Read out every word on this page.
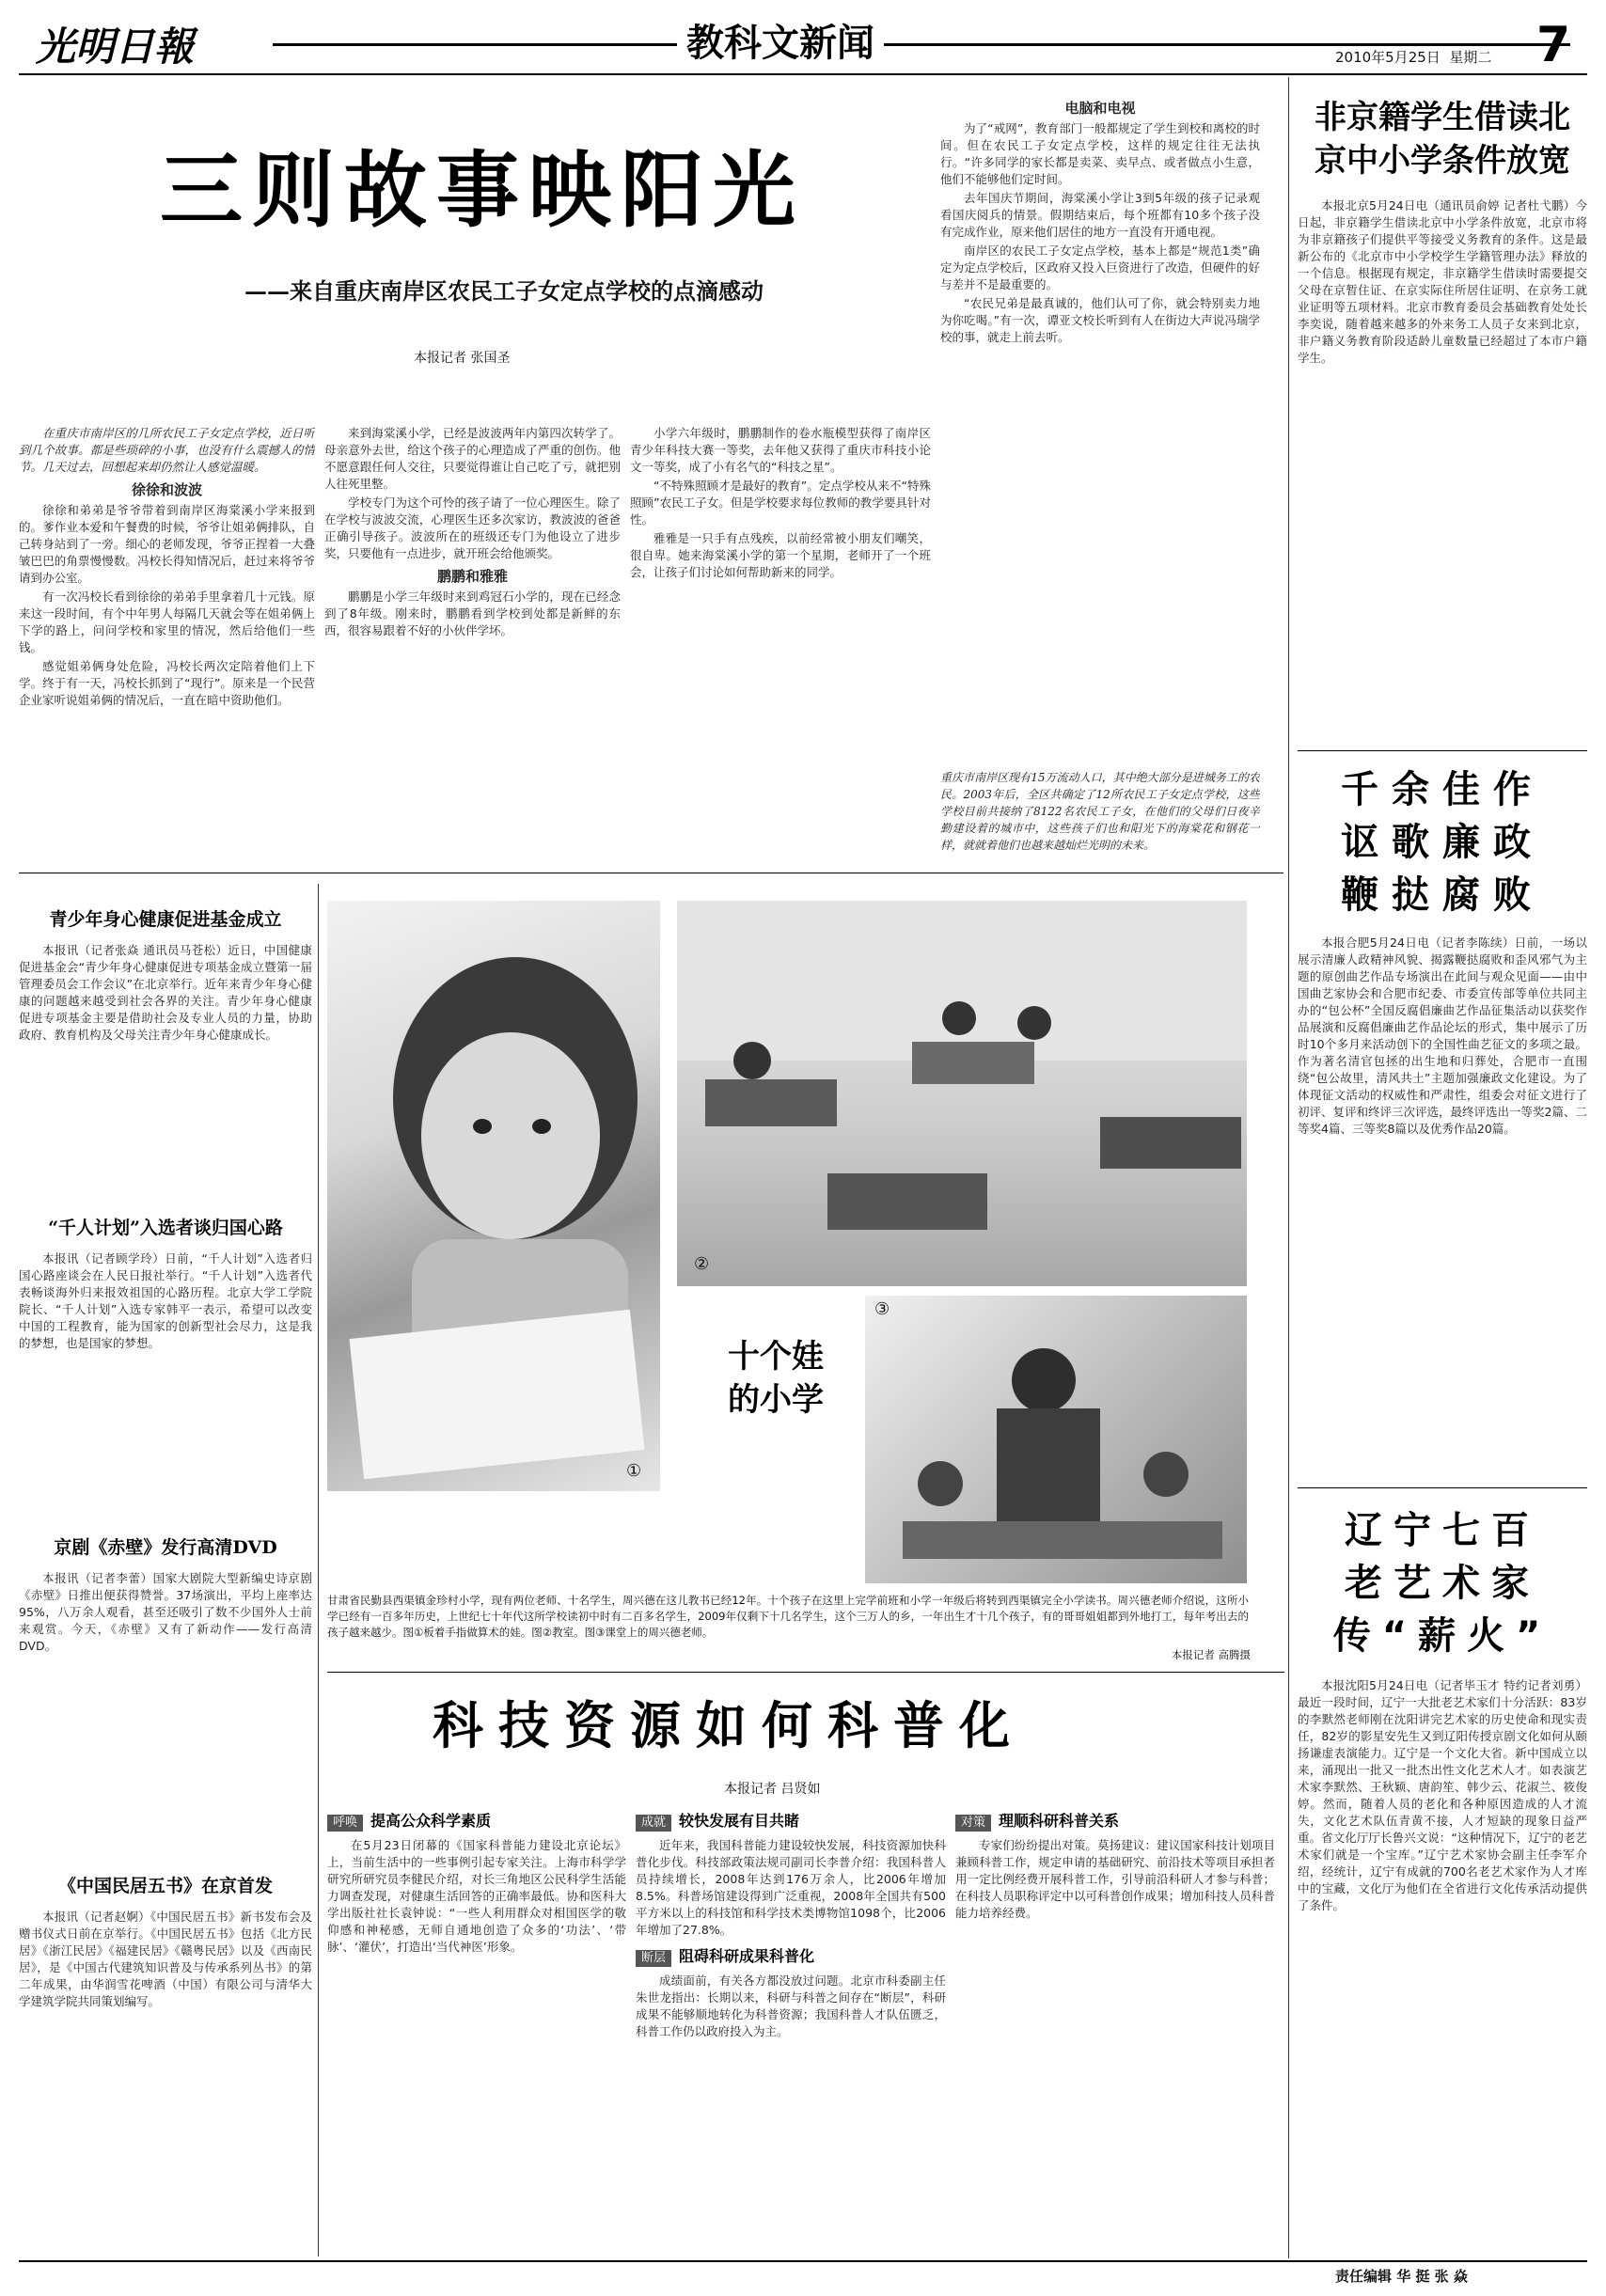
光明日報	教科文新闻	2010年5月25日 星期二 7
三则故事映阳光
——来自重庆南岸区农民工子女定点学校的点滴感动
本报记者 张国圣

在重庆市南岸区的几所农民工子女定点学校，近日听到几个故事。都是些琐碎的小事，也没有什么震撼人的情节。几天过去，回想起来却仍然让人感觉温暖。

徐徐和波波

徐徐和弟弟是爷爷带着到南岸区海棠溪小学来报到的。爹作业本爱和午餐费的时候，爷爷让姐弟俩排队，自己转身站到了一旁。细心的老师发现，爷爷正捏着一大叠皱巴巴的角票慢慢数。冯校长得知情况后，赶过来将爷爷请到办公室。

有一次冯校长看到徐徐的弟弟手里拿着几十元钱。原来这一段时间，有个中年男人每隔几天就会等在姐弟俩上下学的路上，问问学校和家里的情况，然后给他们一些钱。

感觉姐弟俩身处危险，冯校长两次定陪着他们上下学。终于有一天，冯校长抓到了“现行”。原来是一个民营企业家听说姐弟俩的情况后，一直在暗中资助他们。

来到海棠溪小学，已经是波波两年内第四次转学了。母亲意外去世，给这个孩子的心理造成了严重的创伤。他不愿意跟任何人交往，只要觉得谁让自己吃了亏，就把别人往死里整。

学校专门为这个可怜的孩子请了一位心理医生。除了在学校与波波交流，心理医生还多次家访，教波波的爸爸正确引导孩子。波波所在的班级还专门为他设立了进步奖，只要他有一点进步，就开班会给他颁奖。

鹏鹏和雅雅

鹏鹏是小学三年级时来到鸡冠石小学的，现在已经念到了8年级。刚来时，鹏鹏看到学校到处都是新鲜的东西，很容易跟着不好的小伙伴学坏。

小学六年级时，鹏鹏制作的卷水瓶模型获得了南岸区青少年科技大赛一等奖，去年他又获得了重庆市科技小论文一等奖，成了小有名气的“科技之星”。

“不特殊照顾才是最好的教育”。定点学校从来不“特殊照顾”农民工子女。但是学校要求每位教师的教学要具针对性。

雅雅是一只手有点残疾，以前经常被小朋友们嘲笑，很自卑。她来海棠溪小学的第一个星期，老师开了一个班会，让孩子们讨论如何帮助新来的同学。

电脑和电视

为了“戒网”，教育部门一般都规定了学生到校和离校的时间。但在农民工子女定点学校，这样的规定往往无法执行。“许多同学的家长都是卖菜、卖早点、或者做点小生意，他们不能够他们定时间。

去年国庆节期间，海棠溪小学让3到5年级的孩子记录观看国庆阅兵的情景。假期结束后，每个班都有10多个孩子没有完成作业，原来他们居住的地方一直没有开通电视。

南岸区的农民工子女定点学校，基本上都是“规范1类”确定为定点学校后，区政府又投入巨资进行了改造，但硬件的好与差并不是最重要的。

“农民兄弟是最真诚的，他们认可了你，就会特别卖力地为你吃喝。”有一次，谭亚文校长听到有人在街边大声说冯瑞学校的事，就走上前去听。

重庆市南岸区现有15万流动人口，其中绝大部分是进城务工的农民。2003年后，全区共确定了12所农民工子女定点学校，这些学校目前共接纳了8122名农民工子女，在他们的父母们日夜辛勤建设着的城市中，这些孩子们也和阳光下的海棠花和钢花一样，就就着他们也越来越灿烂光明的未来。
青少年身心健康促进基金成立
本报讯（记者张焱 通讯员马苍松）近日，中国健康促进基金会“青少年身心健康促进专项基金成立暨第一届管理委员会工作会议”在北京举行。近年来青少年身心健康的问题越来越受到社会各界的关注。青少年身心健康促进专项基金主要是借助社会及专业人员的力量，协助政府、教育机构及父母关注青少年身心健康成长。
“千人计划”入选者谈归国心路
本报讯（记者顾学玲）日前，“千人计划”入选者归国心路座谈会在人民日报社举行。“千人计划”入选者代表畅谈海外归来报效祖国的心路历程。北京大学工学院院长、“千人计划”入选专家韩平一表示，希望可以改变中国的工程教育，能为国家的创新型社会尽力，这是我的梦想，也是国家的梦想。
京剧《赤壁》发行高清DVD
本报讯（记者李蕾）国家大剧院大型新编史诗京剧《赤壁》日推出便获得赞誉。37场演出，平均上座率达95%，八万余人观看，甚至还吸引了数不少国外人士前来观赏。今天，《赤壁》又有了新动作——发行高清DVD。
《中国民居五书》在京首发
本报讯（记者赵婀）《中国民居五书》新书发布会及赠书仪式日前在京举行。《中国民居五书》包括《北方民居》《浙江民居》《福建民居》《赣粤民居》以及《西南民居》，是《中国古代建筑知识普及与传承系列丛书》的第二年成果，由华润雪花啤酒（中国）有限公司与清华大学建筑学院共同策划编写。
①
②
③
十个娃
的小学
甘肃省民勤县西渠镇金珍村小学，现有两位老师、十名学生，周兴德在这儿教书已经12年。十个孩子在这里上完学前班和小学一年级后将转到西渠镇完全小学读书。周兴德老师介绍说，这所小学已经有一百多年历史，上世纪七十年代这所学校读初中时有二百多名学生，2009年仅剩下十几名学生，这个三万人的乡，一年出生才十几个孩子，有的哥哥姐姐都到外地打工，每年考出去的孩子越来越少。图①板着手指做算术的娃。图②教室。图③课堂上的周兴德老师。
本报记者 高腾摄
科技资源如何科普化
本报记者 吕贤如

呼唤 提高公众科学素质

在5月23日闭幕的《国家科普能力建设北京论坛》上，当前生活中的一些事例引起专家关注。上海市科学学研究所研究员李健民介绍，对长三角地区公民科学生活能力调查发现，对健康生活回答的正确率最低。协和医科大学出版社社长袁钟说：“一些人利用群众对相国医学的敬仰感和神秘感，无师自通地创造了众多的‘功法’、‘带脉’、‘灌伏’，打造出‘当代神医’形象。

成就 较快发展有目共睹

近年来，我国科普能力建设较快发展，科技资源加快科普化步伐。科技部政策法规司副司长李普介绍：我国科普人员持续增长，2008年达到176万余人，比2006年增加8.5%。科普场馆建设得到广泛重视，2008年全国共有500平方米以上的科技馆和科学技术类博物馆1098个，比2006年增加了27.8%。

断层 阻碍科研成果科普化

成绩面前，有关各方都没放过问题。北京市科委副主任朱世龙指出：长期以来，科研与科普之间存在“断层”，科研成果不能够顺地转化为科普资源；我国科普人才队伍匮乏，科普工作仍以政府投入为主。

对策 理顺科研科普关系

专家们纷纷提出对策。莫扬建议：建议国家科技计划项目兼顾科普工作，规定申请的基础研究、前沿技术等项目承担者用一定比例经费开展科普工作，引导前沿科研人才参与科普；在科技人员职称评定中以可科普创作成果；增加科技人员科普能力培养经费。

非京籍学生借读北京中小学条件放宽
本报北京5月24日电（通讯员俞婷 记者杜弋鹏）今日起，非京籍学生借读北京中小学条件放宽，北京市将为非京籍孩子们提供平等接受义务教育的条件。这是最新公布的《北京市中小学校学生学籍管理办法》释放的一个信息。根据现有规定，非京籍学生借读时需要提交父母在京暂住证、在京实际住所居住证明、在京务工就业证明等五项材料。北京市教育委员会基础教育处处长李奕说，随着越来越多的外来务工人员子女来到北京，非户籍义务教育阶段适龄儿童数量已经超过了本市户籍学生。
千余佳作讴歌廉政鞭挞腐败
本报合肥5月24日电（记者李陈续）日前，一场以展示清廉人政精神风貌、揭露鞭挞腐败和歪风邪气为主题的原创曲艺作品专场演出在此间与观众见面——由中国曲艺家协会和合肥市纪委、市委宣传部等单位共同主办的“包公杯”全国反腐倡廉曲艺作品征集活动以获奖作品展演和反腐倡廉曲艺作品论坛的形式，集中展示了历时10个多月来活动创下的全国性曲艺征文的多项之最。作为著名清官包拯的出生地和归葬处，合肥市一直围绕“包公故里，清风共土”主题加强廉政文化建设。为了体现征文活动的权威性和严肃性，组委会对征文进行了初评、复评和终评三次评选，最终评选出一等奖2篇、二等奖4篇、三等奖8篇以及优秀作品20篇。
辽宁七百老艺术家传“薪火”
本报沈阳5月24日电（记者毕玉才 特约记者刘勇）最近一段时间，辽宁一大批老艺术家们十分活跃：83岁的李默然老师刚在沈阳讲完艺术家的历史使命和现实责任，82岁的影星安先生又到辽阳传授京剧文化如何从颐扬谦虚表演能力。辽宁是一个文化大省。新中国成立以来，涌现出一批又一批杰出性文化艺术人才。如表演艺术家李默然、王秋颖、唐韵笙、韩少云、花淑兰、筱俊婷。然而，随着人员的老化和各种原因造成的人才流失，文化艺术队伍青黄不接，人才短缺的现象日益严重。省文化厅厅长鲁兴文说：“这种情况下，辽宁的老艺术家们就是一个宝库。”辽宁艺术家协会副主任李军介绍，经统计，辽宁有成就的700名老艺术家作为人才库中的宝藏，文化厅为他们在全省进行文化传承活动提供了条件。
责任编辑 华 挺 张 焱
